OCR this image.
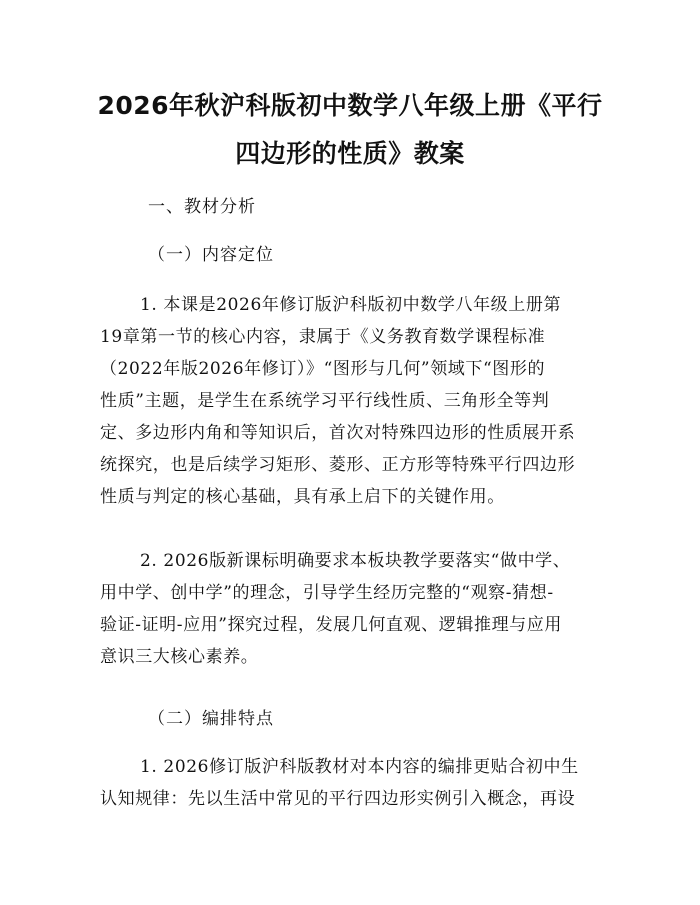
2026年秋沪科版初中数学八年级上册《平行
四边形的性质》教案

一、教材分析

（一）内容定位

1. 本课是2026年修订版沪科版初中数学八年级上册第

19章第一节的核心内容，隶属于《义务教育数学课程标准

（2022年版2026年修订）》“图形与几何”领域下“图形的

性质”主题，是学生在系统学习平行线性质、三角形全等判

定、多边形内角和等知识后，首次对特殊四边形的性质展开系

统探究，也是后续学习矩形、菱形、正方形等特殊平行四边形

性质与判定的核心基础，具有承上启下的关键作用。

2. 2026版新课标明确要求本板块教学要落实“做中学、

用中学、创中学”的理念，引导学生经历完整的“观察-猜想-

验证-证明-应用”探究过程，发展几何直观、逻辑推理与应用

意识三大核心素养。

（二）编排特点

1. 2026修订版沪科版教材对本内容的编排更贴合初中生

认知规律：先以生活中常见的平行四边形实例引入概念，再设
